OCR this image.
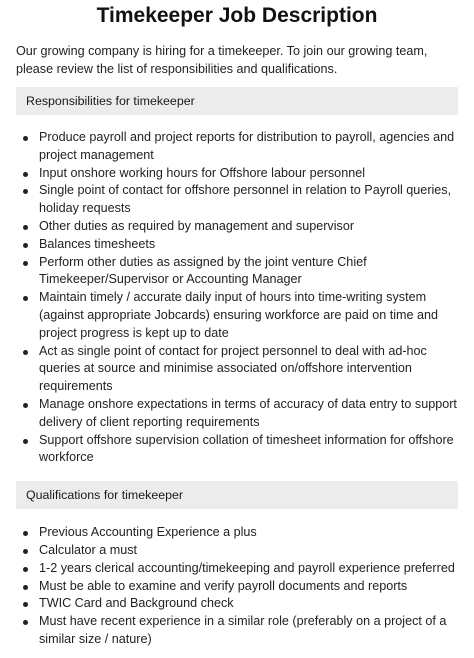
Timekeeper Job Description

Our growing company is hiring for a timekeeper. To join our growing team, please review the list of responsibilities and qualifications.

Responsibilities for timekeeper
Produce payroll and project reports for distribution to payroll, agencies and project management
Input onshore working hours for Offshore labour personnel
Single point of contact for offshore personnel in relation to Payroll queries, holiday requests
Other duties as required by management and supervisor
Balances timesheets
Perform other duties as assigned by the joint venture Chief Timekeeper/Supervisor or Accounting Manager
Maintain timely / accurate daily input of hours into time-writing system (against appropriate Jobcards) ensuring workforce are paid on time and project progress is kept up to date
Act as single point of contact for project personnel to deal with ad-hoc queries at source and minimise associated on/offshore intervention requirements
Manage onshore expectations in terms of accuracy of data entry to support delivery of client reporting requirements
Support offshore supervision collation of timesheet information for offshore workforce
Qualifications for timekeeper
Previous Accounting Experience a plus
Calculator a must
1-2 years clerical accounting/timekeeping and payroll experience preferred
Must be able to examine and verify payroll documents and reports
TWIC Card and Background check
Must have recent experience in a similar role (preferably on a project of a similar size / nature)
